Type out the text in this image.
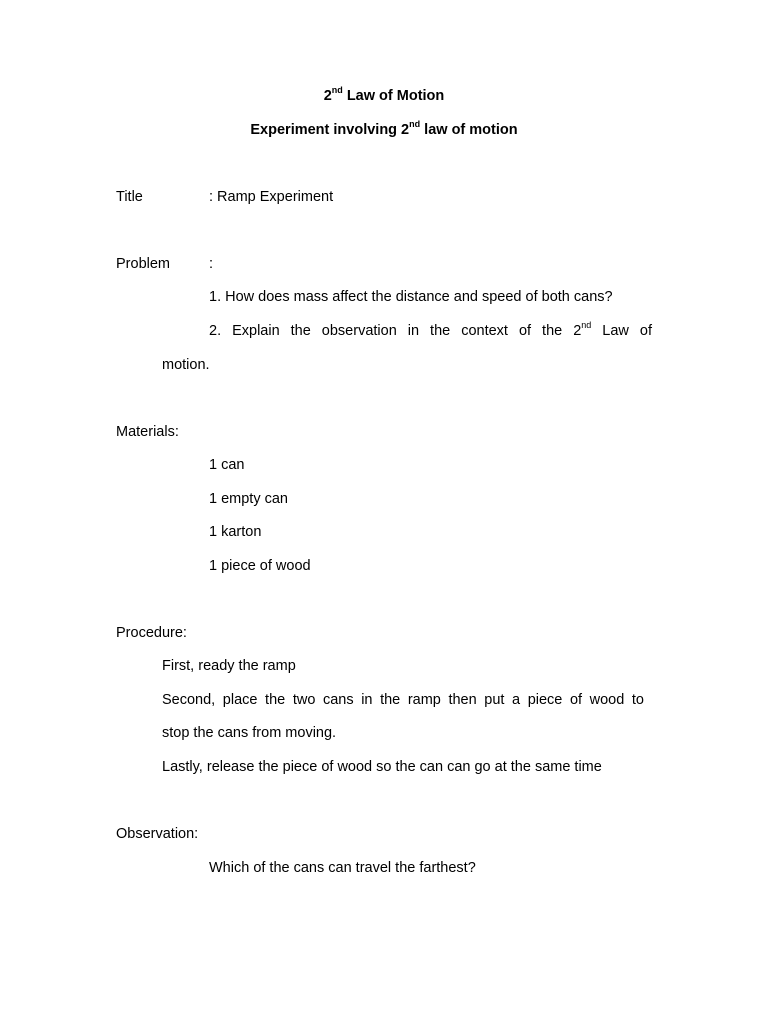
2nd Law of Motion
Experiment involving 2nd law of motion
Title	: Ramp Experiment
Problem	:
1. How does mass affect the distance and speed of both cans?
2. Explain the observation in the context of the 2nd Law of
motion.
Materials:
1 can
1 empty can
1 karton
1 piece of wood
Procedure:
First, ready the ramp
Second, place the two cans in the ramp then put a piece of wood to
stop the cans from moving.
Lastly, release the piece of wood so the can can go at the same time
Observation:
Which of the cans can travel the farthest?
